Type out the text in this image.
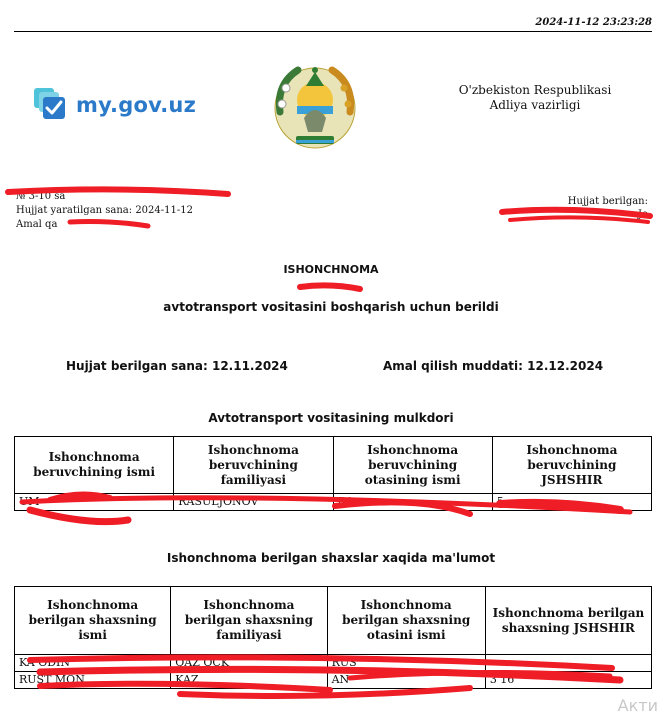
2024-11-12 23:23:28
my.gov.uz
O'zbekiston Respublikasi
Adliya vazirligi
№ 3-10 sa
Hujjat yaratilgan sana: 2024-11-12
Amal qa
Hujjat berilgan:
Jo
ISHONCHNOMA
avtotransport vositasini boshqarish uchun berildi
Hujjat berilgan sana: 12.11.2024	Amal qilish muddati: 12.12.2024
Avtotransport vositasining mulkdori
Ishonchnoma beruvchining ismi	Ishonchnoma beruvchining familiyasi	Ishonchnoma beruvchining otasining ismi	Ishonchnoma beruvchining JSHSHIR
UM	RASULJONOV	RA	5
Ishonchnoma berilgan shaxslar xaqida ma'lumot
Ishonchnoma berilgan shaxsning ismi	Ishonchnoma berilgan shaxsning familiyasi	Ishonchnoma berilgan shaxsning otasini ismi	Ishonchnoma berilgan shaxsning JSHSHIR
KA ODIN	QAZ OCK	RUS	
RUST MON	KAZ	AN	3 16
Акти
